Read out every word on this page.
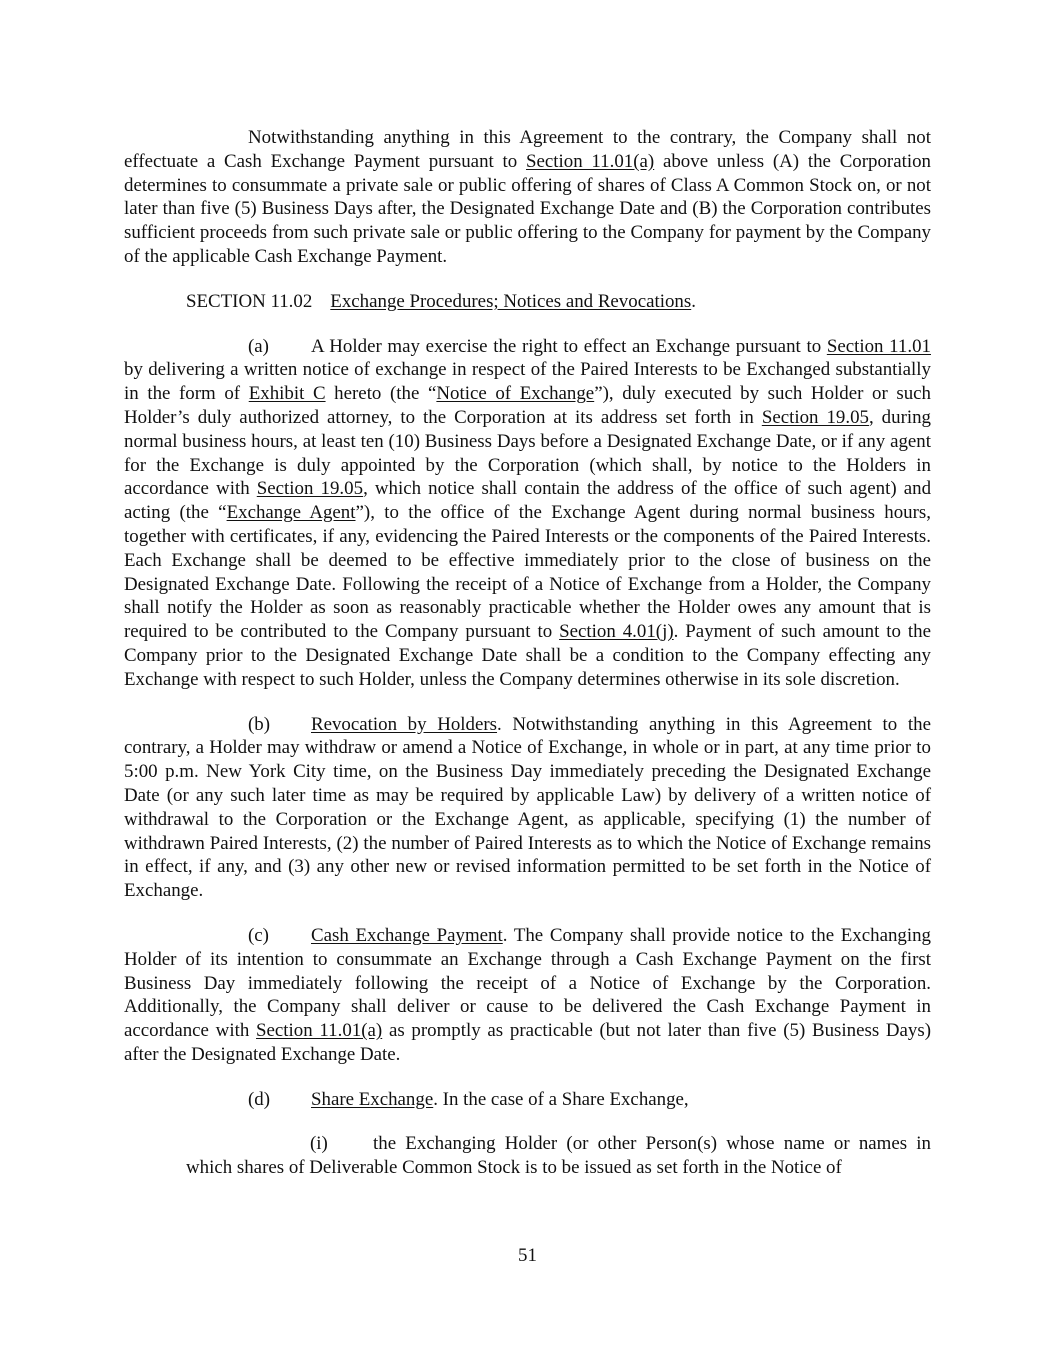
Notwithstanding anything in this Agreement to the contrary, the Company shall not effectuate a Cash Exchange Payment pursuant to Section 11.01(a) above unless (A) the Corporation determines to consummate a private sale or public offering of shares of Class A Common Stock on, or not later than five (5) Business Days after, the Designated Exchange Date and (B) the Corporation contributes sufficient proceeds from such private sale or public offering to the Company for payment by the Company of the applicable Cash Exchange Payment.

SECTION 11.02 Exchange Procedures; Notices and Revocations.

(a) A Holder may exercise the right to effect an Exchange pursuant to Section 11.01 by delivering a written notice of exchange in respect of the Paired Interests to be Exchanged substantially in the form of Exhibit C hereto (the “Notice of Exchange”), duly executed by such Holder or such Holder’s duly authorized attorney, to the Corporation at its address set forth in Section 19.05, during normal business hours, at least ten (10) Business Days before a Designated Exchange Date, or if any agent for the Exchange is duly appointed by the Corporation (which shall, by notice to the Holders in accordance with Section 19.05, which notice shall contain the address of the office of such agent) and acting (the “Exchange Agent”), to the office of the Exchange Agent during normal business hours, together with certificates, if any, evidencing the Paired Interests or the components of the Paired Interests. Each Exchange shall be deemed to be effective immediately prior to the close of business on the Designated Exchange Date. Following the receipt of a Notice of Exchange from a Holder, the Company shall notify the Holder as soon as reasonably practicable whether the Holder owes any amount that is required to be contributed to the Company pursuant to Section 4.01(j). Payment of such amount to the Company prior to the Designated Exchange Date shall be a condition to the Company effecting any Exchange with respect to such Holder, unless the Company determines otherwise in its sole discretion.

(b) Revocation by Holders. Notwithstanding anything in this Agreement to the contrary, a Holder may withdraw or amend a Notice of Exchange, in whole or in part, at any time prior to 5:00 p.m. New York City time, on the Business Day immediately preceding the Designated Exchange Date (or any such later time as may be required by applicable Law) by delivery of a written notice of withdrawal to the Corporation or the Exchange Agent, as applicable, specifying (1) the number of withdrawn Paired Interests, (2) the number of Paired Interests as to which the Notice of Exchange remains in effect, if any, and (3) any other new or revised information permitted to be set forth in the Notice of Exchange.

(c) Cash Exchange Payment. The Company shall provide notice to the Exchanging Holder of its intention to consummate an Exchange through a Cash Exchange Payment on the first Business Day immediately following the receipt of a Notice of Exchange by the Corporation. Additionally, the Company shall deliver or cause to be delivered the Cash Exchange Payment in accordance with Section 11.01(a) as promptly as practicable (but not later than five (5) Business Days) after the Designated Exchange Date.

(d) Share Exchange. In the case of a Share Exchange,

(i) the Exchanging Holder (or other Person(s) whose name or names in which shares of Deliverable Common Stock is to be issued as set forth in the Notice of

51
